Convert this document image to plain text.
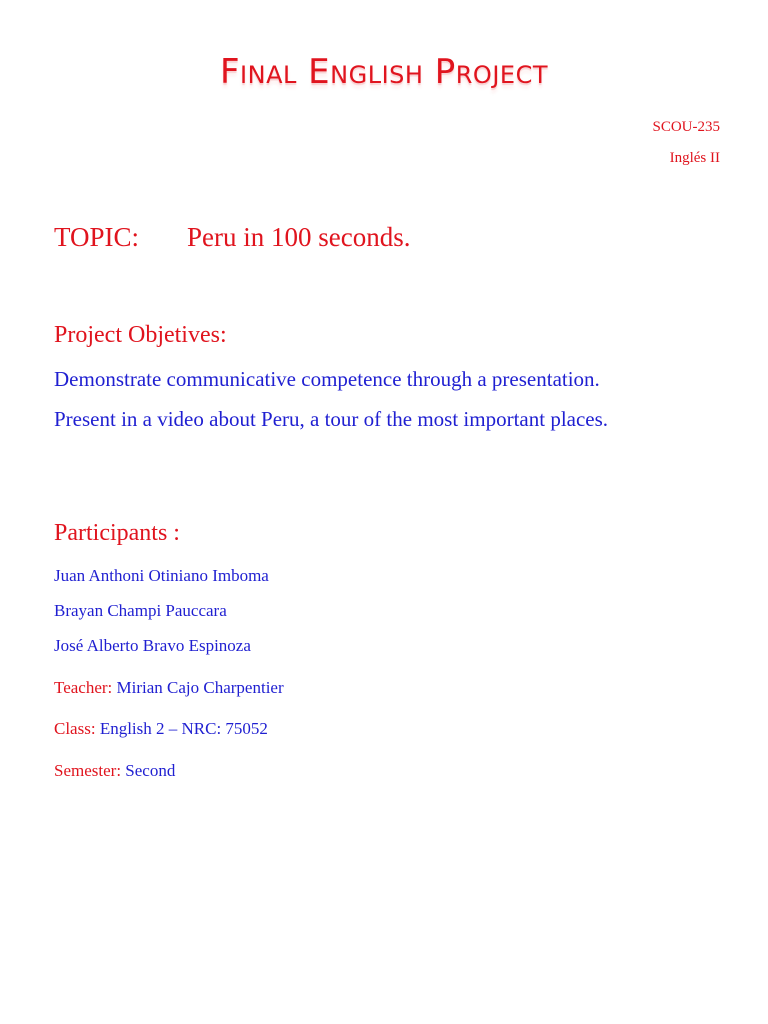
Final English Project
SCOU-235
Inglés II
TOPIC: Peru in 100 seconds.
Project Objetives:
Demonstrate communicative competence through a presentation.
Present in a video about Peru, a tour of the most important places.
Participants :
Juan Anthoni Otiniano Imboma
Brayan Champi Pauccara
José Alberto Bravo Espinoza
Teacher: Mirian Cajo Charpentier
Class: English 2 – NRC: 75052
Semester: Second
